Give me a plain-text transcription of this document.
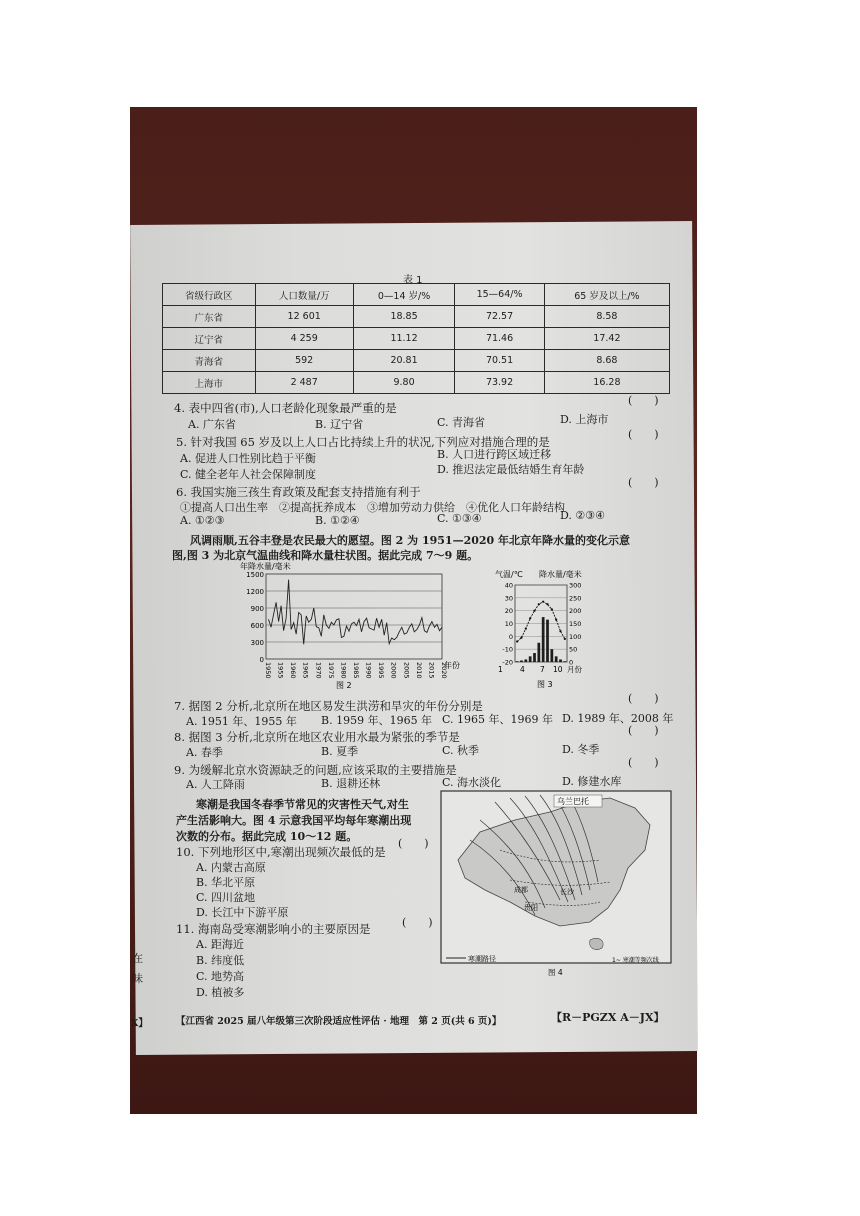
表 1
省级行政区	人口数量/万	0—14 岁/%	15—64/%	65 岁及以上/%
广东省	12 601	18.85	72.57	8.58
辽宁省	4 259	11.12	71.46	17.42
青海省	592	20.81	70.51	8.68
上海市	2 487	9.80	73.92	16.28
4. 表中四省(市),人口老龄化现象最严重的是
(　　)
A. 广东省	B. 辽宁省	C. 青海省	D. 上海市
5. 针对我国 65 岁及以上人口占比持续上升的状况,下列应对措施合理的是
(　　)
A. 促进人口性别比趋于平衡	B. 人口进行跨区域迁移
C. 健全老年人社会保障制度	D. 推迟法定最低结婚生育年龄
6. 我国实施三孩生育政策及配套支持措施有利于
(　　)
①提高人口出生率　②提高抚养成本　③增加劳动力供给　④优化人口年龄结构
A. ①②③	B. ①②④	C. ①③④	D. ②③④
风调雨顺,五谷丰登是农民最大的愿望。图 2 为 1951—2020 年北京年降水量的变化示意
图,图 3 为北京气温曲线和降水量柱状图。据此完成 7～9 题。
年降水量/毫米
0
300
600
900
1200
1500
1950 1955 1960 1965 1970 1975 1980 1985 1990 1995 2000 2005 2010 2015 2020
年份
图 2
气温/℃ 降水量/毫米
-20
-10
0
10
20
30
40
0
50
100
150
200
250
300
1 4 7 10 月份
图 3
7. 据图 2 分析,北京所在地区易发生洪涝和旱灾的年份分别是
(　　)
A. 1951 年、1955 年 B. 1959 年、1965 年 C. 1965 年、1969 年 D. 1989 年、2008 年
8. 据图 3 分析,北京所在地区农业用水最为紧张的季节是	(　　)
A. 春季	B. 夏季	C. 秋季	D. 冬季
9. 为缓解北京水资源缺乏的问题,应该采取的主要措施是
(　　)
A. 人工降雨	B. 退耕还林	C. 海水淡化	D. 修建水库
寒潮是我国冬春季节常见的灾害性天气,对生
产生活影响大。图 4 示意我国平均每年寒潮出现
次数的分布。据此完成 10～12 题。
10. 下列地形区中,寒潮出现频次最低的是
(　　)
A. 内蒙古高原
B. 华北平原
C. 四川盆地
D. 长江中下游平原
11. 海南岛受寒潮影响小的主要原因是	(　　)
A. 距海近
B. 纬度低
C. 地势高
D. 植被多
乌兰巴托
成都
贵阳
长沙
寒潮路径	1~ 寒潮等频次线
图 4
在
味
X】	【江西省 2025 届八年级第三次阶段适应性评估 · 地理　第 2 页(共 6 页)】	【R－PGZX A－JX】
